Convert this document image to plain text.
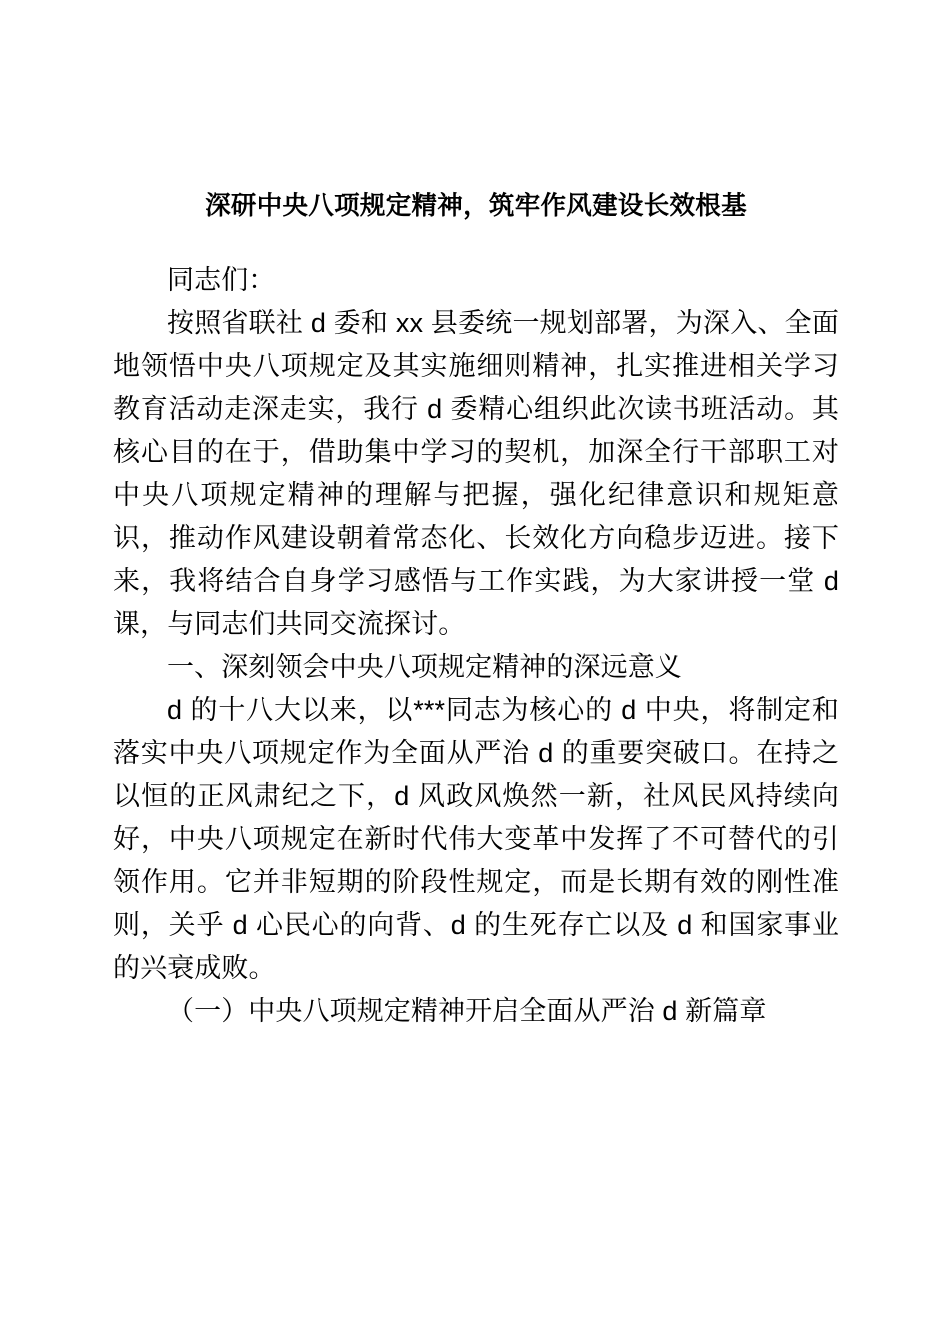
深研中央八项规定精神，筑牢作风建设长效根基

同志们：

按照省联社 d 委和 xx 县委统一规划部署，为深入、全面地领悟中央八项规定及其实施细则精神，扎实推进相关学习教育活动走深走实，我行 d 委精心组织此次读书班活动。其核心目的在于，借助集中学习的契机，加深全行干部职工对中央八项规定精神的理解与把握，强化纪律意识和规矩意识，推动作风建设朝着常态化、长效化方向稳步迈进。接下来，我将结合自身学习感悟与工作实践，为大家讲授一堂 d 课，与同志们共同交流探讨。

一、深刻领会中央八项规定精神的深远意义

d 的十八大以来，以***同志为核心的 d 中央，将制定和落实中央八项规定作为全面从严治 d 的重要突破口。在持之以恒的正风肃纪之下，d 风政风焕然一新，社风民风持续向好，中央八项规定在新时代伟大变革中发挥了不可替代的引领作用。它并非短期的阶段性规定，而是长期有效的刚性准则，关乎 d 心民心的向背、d 的生死存亡以及 d 和国家事业的兴衰成败。

（一）中央八项规定精神开启全面从严治 d 新篇章
